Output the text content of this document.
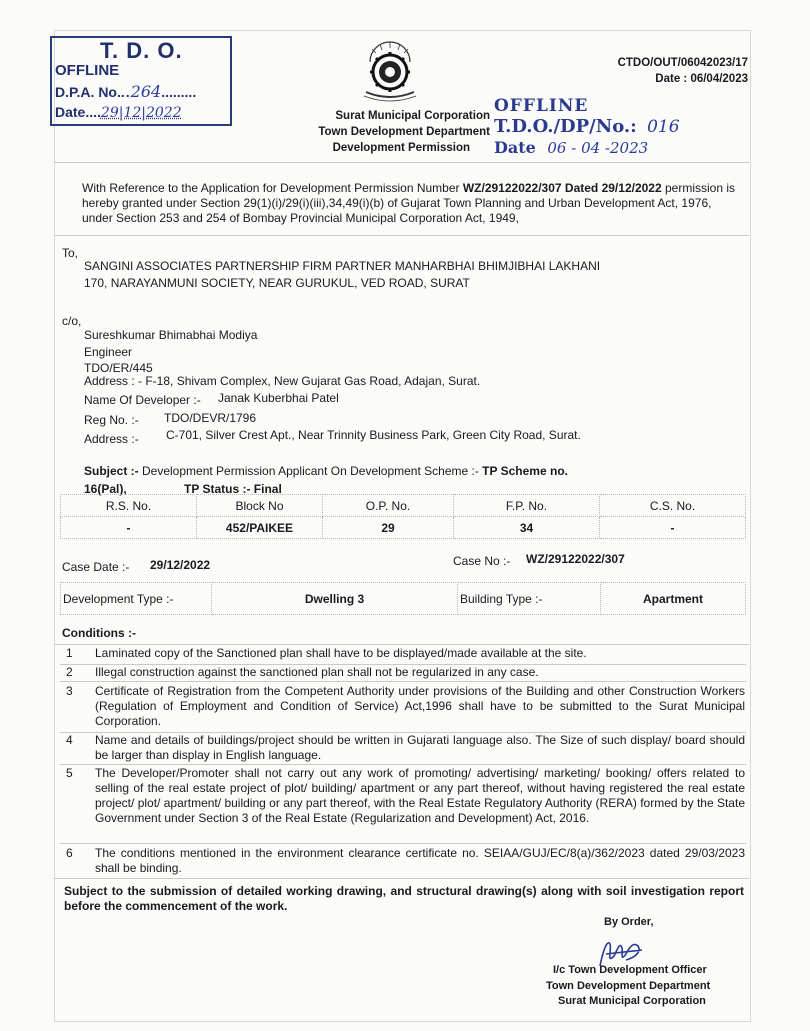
T. D. O.
OFFLINE
D.P.A. No...264.........
Date....29|12|2022
CTDO/OUT/06042023/17
Date : 06/04/2023
Surat Municipal Corporation
Town Development Department
Development Permission
OFFLINE
T.D.O./DP/No.: 016
Date 06 - 04 -2023
With Reference to the Application for Development Permission Number WZ/29122022/307 Dated 29/12/2022 permission is hereby granted under Section 29(1)(i)/29(i)(iii),34,49(i)(b) of Gujarat Town Planning and Urban Development Act, 1976, under Section 253 and 254 of Bombay Provincial Municipal Corporation Act, 1949,
To,
SANGINI ASSOCIATES PARTNERSHIP FIRM PARTNER MANHARBHAI BHIMJIBHAI LAKHANI
170, NARAYANMUNI SOCIETY, NEAR GURUKUL, VED ROAD, SURAT
c/o,
Sureshkumar Bhimabhai Modiya
Engineer
TDO/ER/445
Address : - F-18, Shivam Complex, New Gujarat Gas Road, Adajan, Surat.
Name Of Developer :- Janak Kuberbhai Patel
Reg No. :- TDO/DEVR/1796
Address :- C-701, Silver Crest Apt., Near Trinnity Business Park, Green City Road, Surat.
Subject :- Development Permission Applicant On Development Scheme :- TP Scheme no.
16(Pal),	TP Status :- Final
R.S. No.	Block No	O.P. No.	F.P. No.	C.S. No.
-	452/PAIKEE	29	34	-
Case Date :- 29/12/2022	Case No :- WZ/29122022/307
Development Type :-	Dwelling 3	Building Type :-	Apartment
Conditions :-
1	Laminated copy of the Sanctioned plan shall have to be displayed/made available at the site.
2	Illegal construction against the sanctioned plan shall not be regularized in any case.
3	Certificate of Registration from the Competent Authority under provisions of the Building and other Construction Workers (Regulation of Employment and Condition of Service) Act,1996 shall have to be submitted to the Surat Municipal Corporation.
4	Name and details of buildings/project should be written in Gujarati language also. The Size of such display/ board should be larger than display in English language.
5	The Developer/Promoter shall not carry out any work of promoting/ advertising/ marketing/ booking/ offers related to selling of the real estate project of plot/ building/ apartment or any part thereof, without having registered the real estate project/ plot/ apartment/ building or any part thereof, with the Real Estate Regulatory Authority (RERA) formed by the State Government under Section 3 of the Real Estate (Regularization and Development) Act, 2016.
6	The conditions mentioned in the environment clearance certificate no. SEIAA/GUJ/EC/8(a)/362/2023 dated 29/03/2023 shall be binding.
Subject to the submission of detailed working drawing, and structural drawing(s) along with soil investigation report before the commencement of the work.
By Order,
I/c Town Development Officer
Town Development Department
Surat Municipal Corporation
